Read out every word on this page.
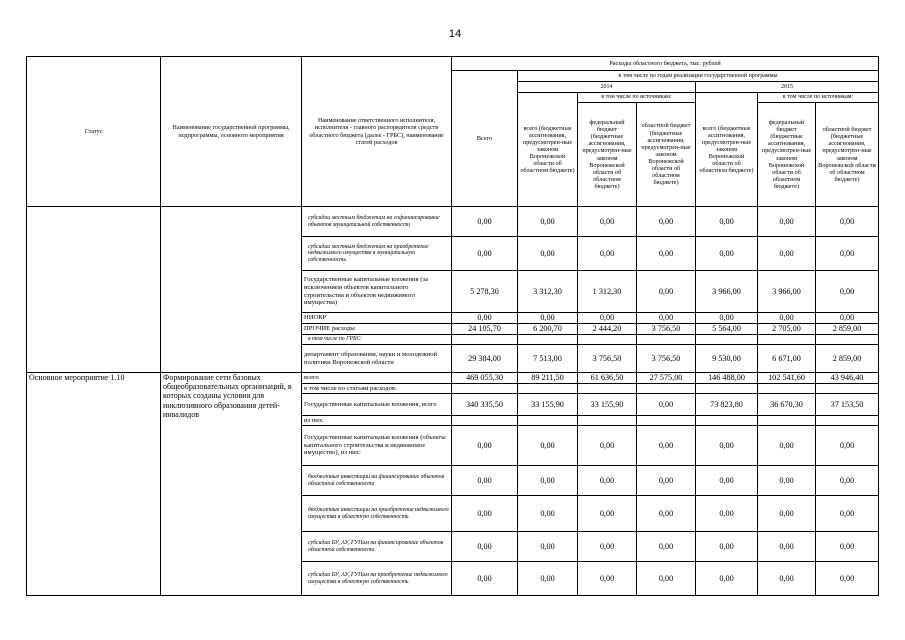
14
Статус	Наименование государственной программы, подпрограммы, основного мероприятия	Наименование ответственного исполнителя, исполнителя - главного распорядителя средств областного бюджета (далее - ГРБС), наименование статей расходов	Расходы областного бюджета, тыс. рублей						
			Всего	в том числе по годам реализации государственной программы					
				2014			2015		
				всего (бюджетные ассигнования, предусмотрен-ные законом Воронежской области об областном бюджете)	в том числе по источникам:		всего (бюджетные ассигнования, предусмотрен-ные законом Воронежской области об областном бюджете)	в том числе по источникам:	
					федеральный бюджет (бюджетные ассигнования, предусмотрен-ные законом Воронежской области об областном бюджете)	областной бюджет (бюджетные ассигнования, предусмотрен-ные законом Воронежской области об областном бюджете)		федеральный бюджет (бюджетные ассигнования, предусмотрен-ные законом Воронежской области об областном бюджете)	областной бюджет (бюджетные ассигнования, предусмотрен-ные законом Воронежской области об областном бюджете)
		субсидии местным бюджетам на софинансирование объектов муниципальной собственности	0,00	0,00	0,00	0,00	0,00	0,00	0,00
		субсидии местным бюджетам на приобретение недвижимого имущества в муниципальную собственность	0,00	0,00	0,00	0,00	0,00	0,00	0,00
		Государственные капитальные вложения (за исключением объектов капитального строительства и объектов недвижимого имущества)	5 278,30	3 312,30	1 312,30	0,00	3 966,00	3 966,00	0,00
		НИОКР	0,00	0,00	0,00	0,00	0,00	0,00	0,00
		ПРОЧИЕ расходы	24 105,70	6 200,70	2 444,20	3 756,50	5 564,00	2 705,00	2 859,00
		в том числе по ГРБС:							
		департамент образования, науки и молодежной политики Воронежской области	29 384,00	7 513,00	3 756,50	3 756,50	9 530,00	6 671,00	2 859,00
Основное мероприятие 1.10	Формирование сети базовых общеобразовательных организаций, в которых созданы условия для инклюзивного образования детей-инвалидов	всего	469 055,30	89 211,50	61 636,50	27 575,00	146 488,00	102 541,60	43 946,40
		в том числе по статьям расходов:							
		Государственные капитальные вложения, всего	340 335,50	33 155,90	33 155,90	0,00	73 823,80	36 670,30	37 153,50
		из них:							
		Государственные капитальные вложения (объекты капитального строительства и недвижимое имущество), из них:	0,00	0,00	0,00	0,00	0,00	0,00	0,00
		бюджетные инвестиции на финансирование объектов областной собственности	0,00	0,00	0,00	0,00	0,00	0,00	0,00
		бюджетные инвестиции на приобретение недвижимого имущества в областную собственность	0,00	0,00	0,00	0,00	0,00	0,00	0,00
		субсидии БУ, АУ, ГУПам на финансирование объектов областной собственности	0,00	0,00	0,00	0,00	0,00	0,00	0,00
		субсидии БУ, АУ, ГУПам на приобретение недвижимого имущества в областную собственность	0,00	0,00	0,00	0,00	0,00	0,00	0,00
